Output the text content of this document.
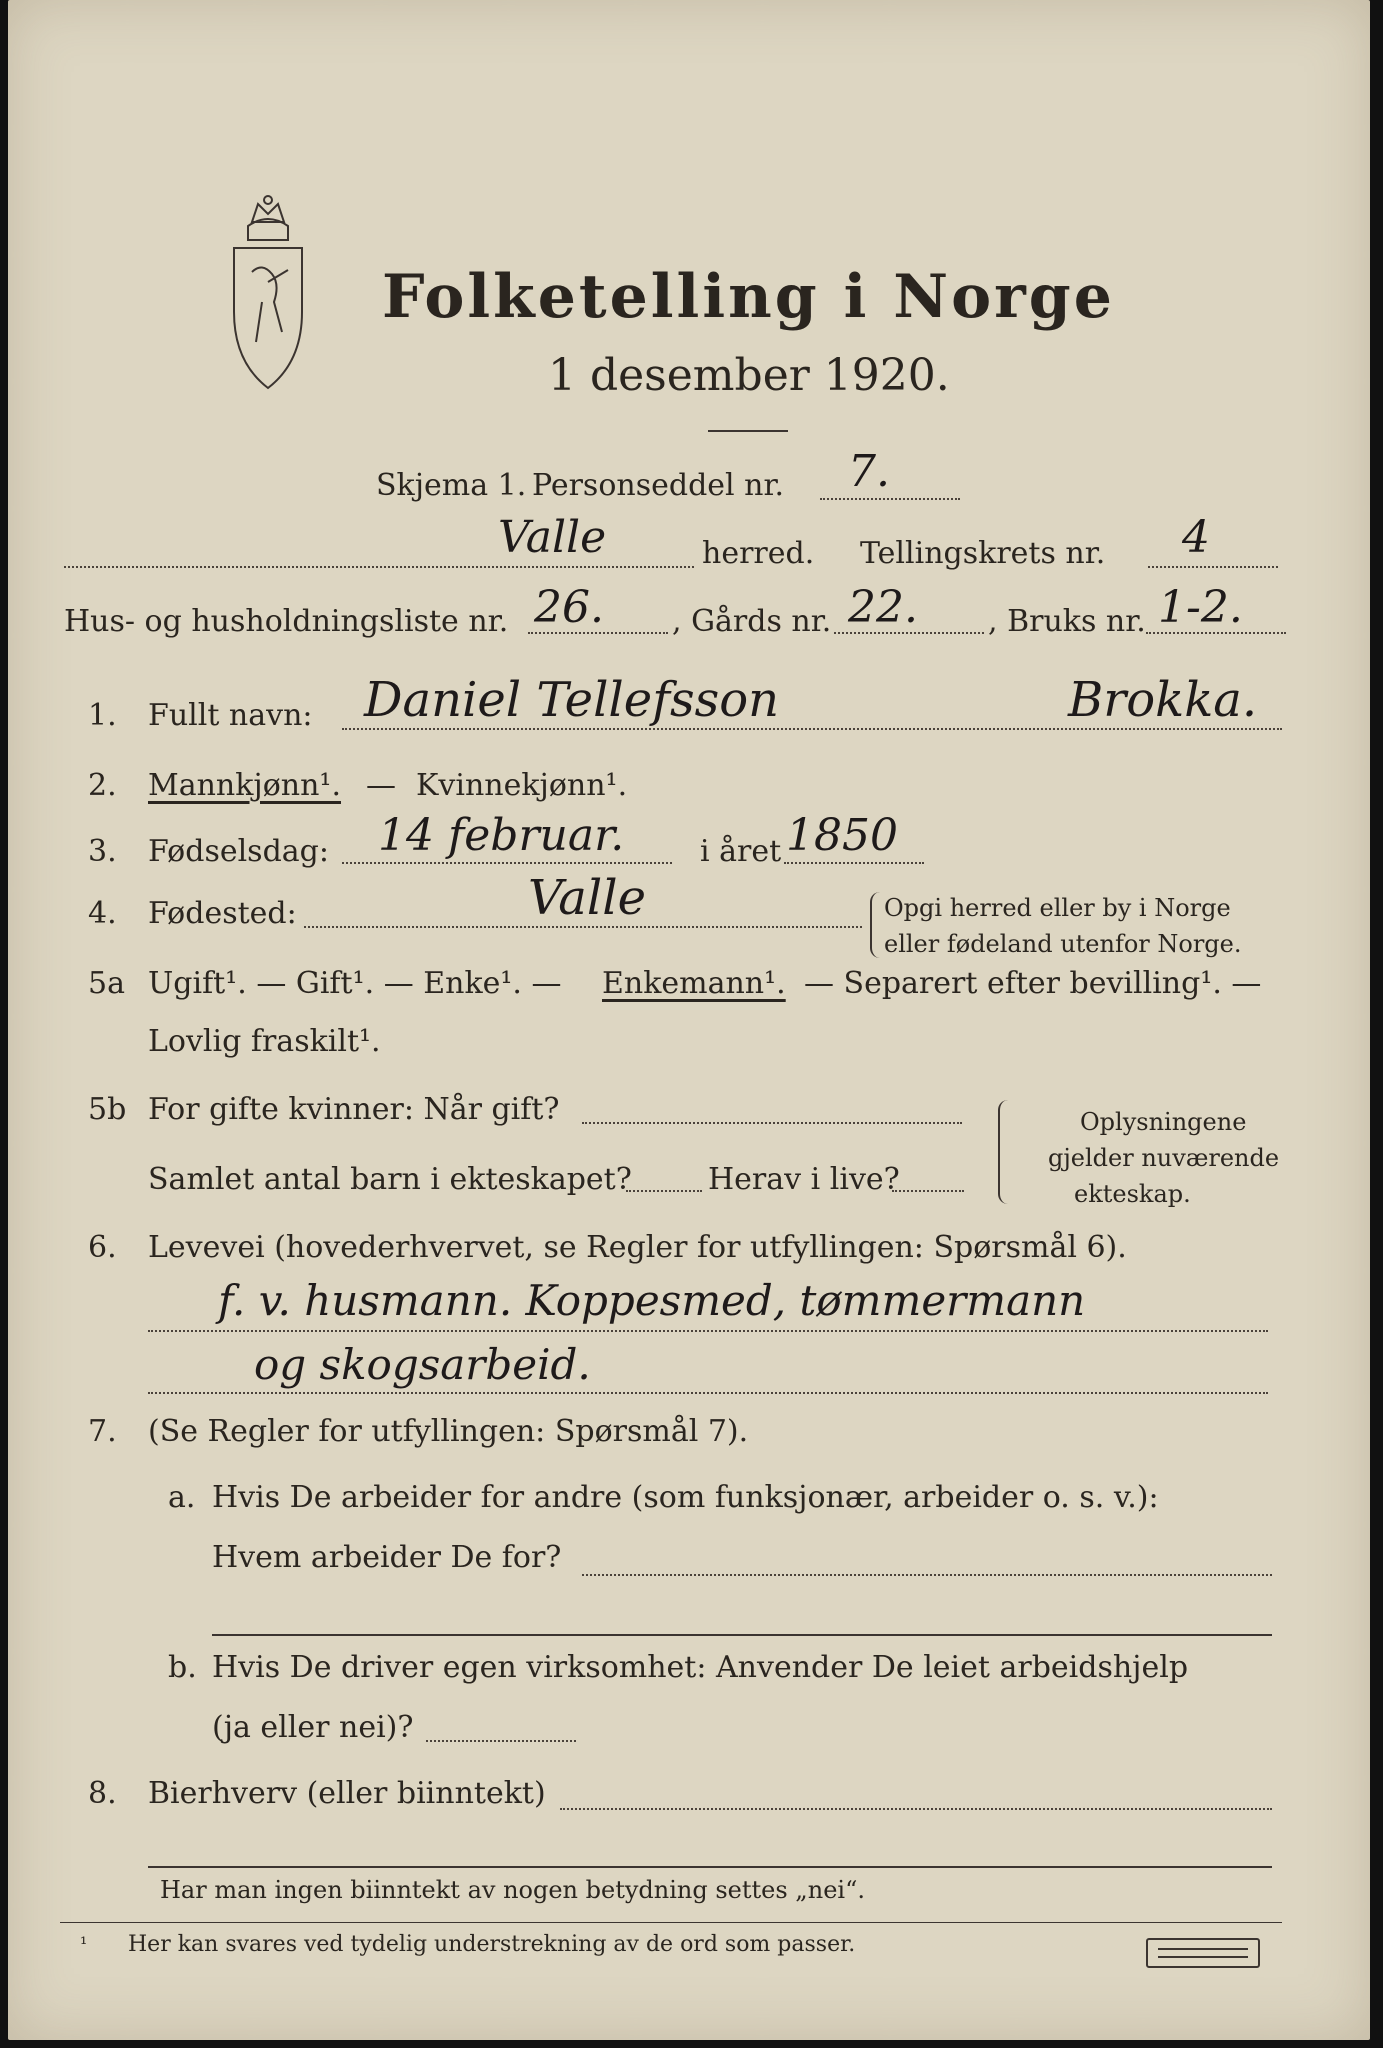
Folketelling i Norge
1 desember 1920.
Skjema 1. Personseddel nr. 7.
Valle	herred. Tellingskrets nr. 4
Hus- og husholdningsliste nr. 26. , Gårds nr. 22. , Bruks nr. 1-2.
1. Fullt navn: Daniel Tellefsson	Brokka.
2. Mannkjønn¹. — Kvinnekjønn¹.
3. Fødselsdag: 14 februar.	i året 1850
4. Fødested:	Valle	Opgi herred eller by i Norge
eller fødeland utenfor Norge.
5a Ugift¹. — Gift¹. — Enke¹. — Enkemann¹. — Separert efter bevilling¹. —
Lovlig fraskilt¹.
5b For gifte kvinner: Når gift?
Samlet antal barn i ekteskapet?	Herav i live?
Oplysningene
gjelder nuværende
ekteskap.
6. Levevei (hovederhvervet, se Regler for utfyllingen: Spørsmål 6).
f. v. husmann. Koppesmed, tømmermann
og skogsarbeid.
7. (Se Regler for utfyllingen: Spørsmål 7).
a. Hvis De arbeider for andre (som funksjonær, arbeider o. s. v.):
Hvem arbeider De for?
b. Hvis De driver egen virksomhet: Anvender De leiet arbeidshjelp
(ja eller nei)?
8. Bierhverv (eller biinntekt)
Har man ingen biinntekt av nogen betydning settes „nei“.
¹ Her kan svares ved tydelig understrekning av de ord som passer.
